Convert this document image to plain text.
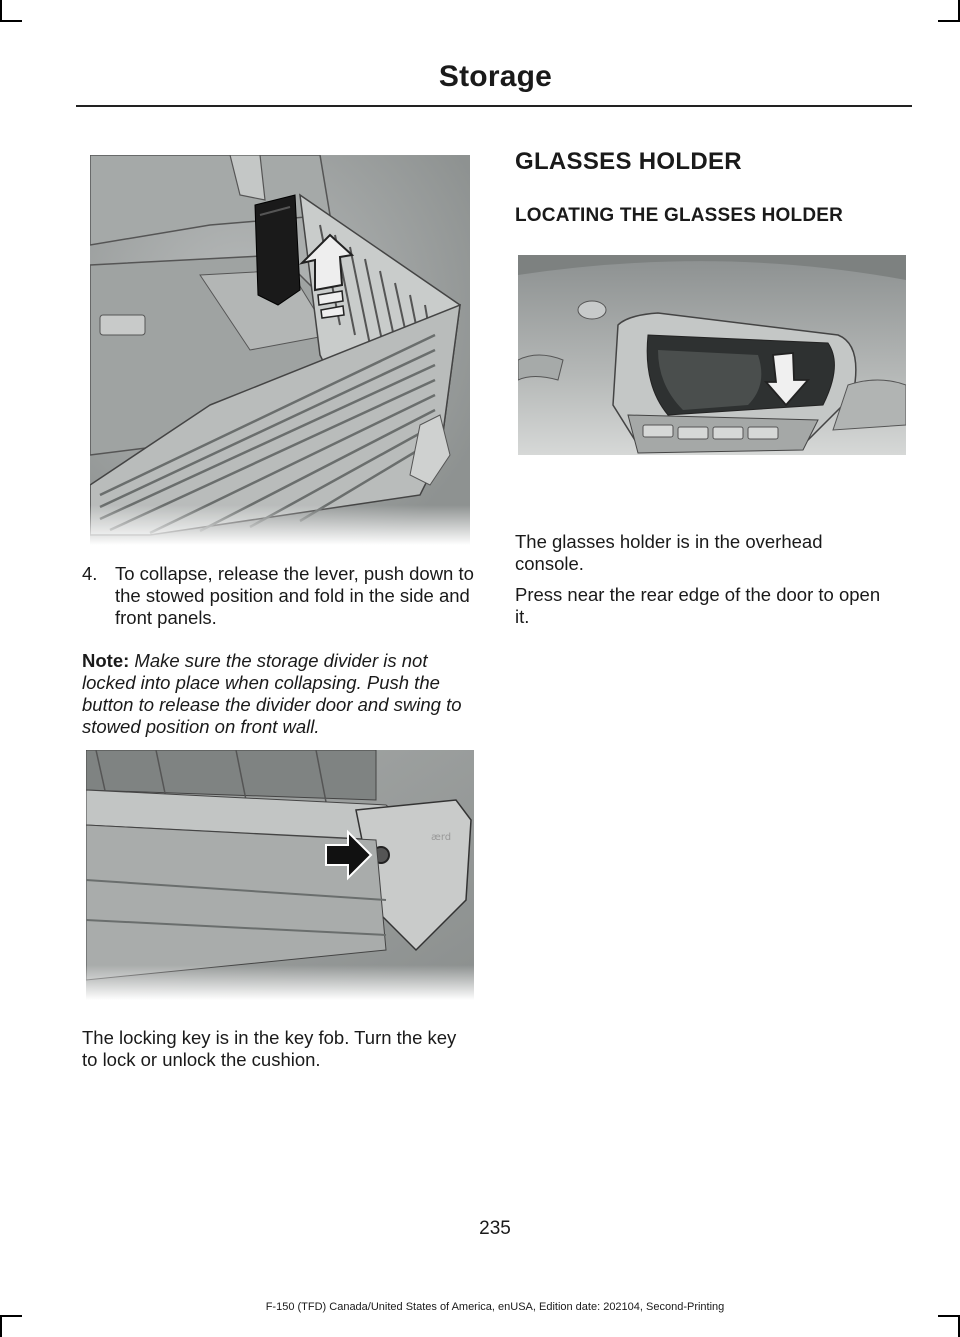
Storage
4. To collapse, release the lever, push down to the stowed position and fold in the side and front panels.
Note: Make sure the storage divider is not locked into place when collapsing. Push the button to release the divider door and swing to stowed position on front wall.
ærd
The locking key is in the key fob. Turn the key to lock or unlock the cushion.
GLASSES HOLDER
LOCATING THE GLASSES HOLDER
The glasses holder is in the overhead console.
Press near the rear edge of the door to open it.
235
F-150 (TFD) Canada/United States of America, enUSA, Edition date: 202104, Second-Printing
